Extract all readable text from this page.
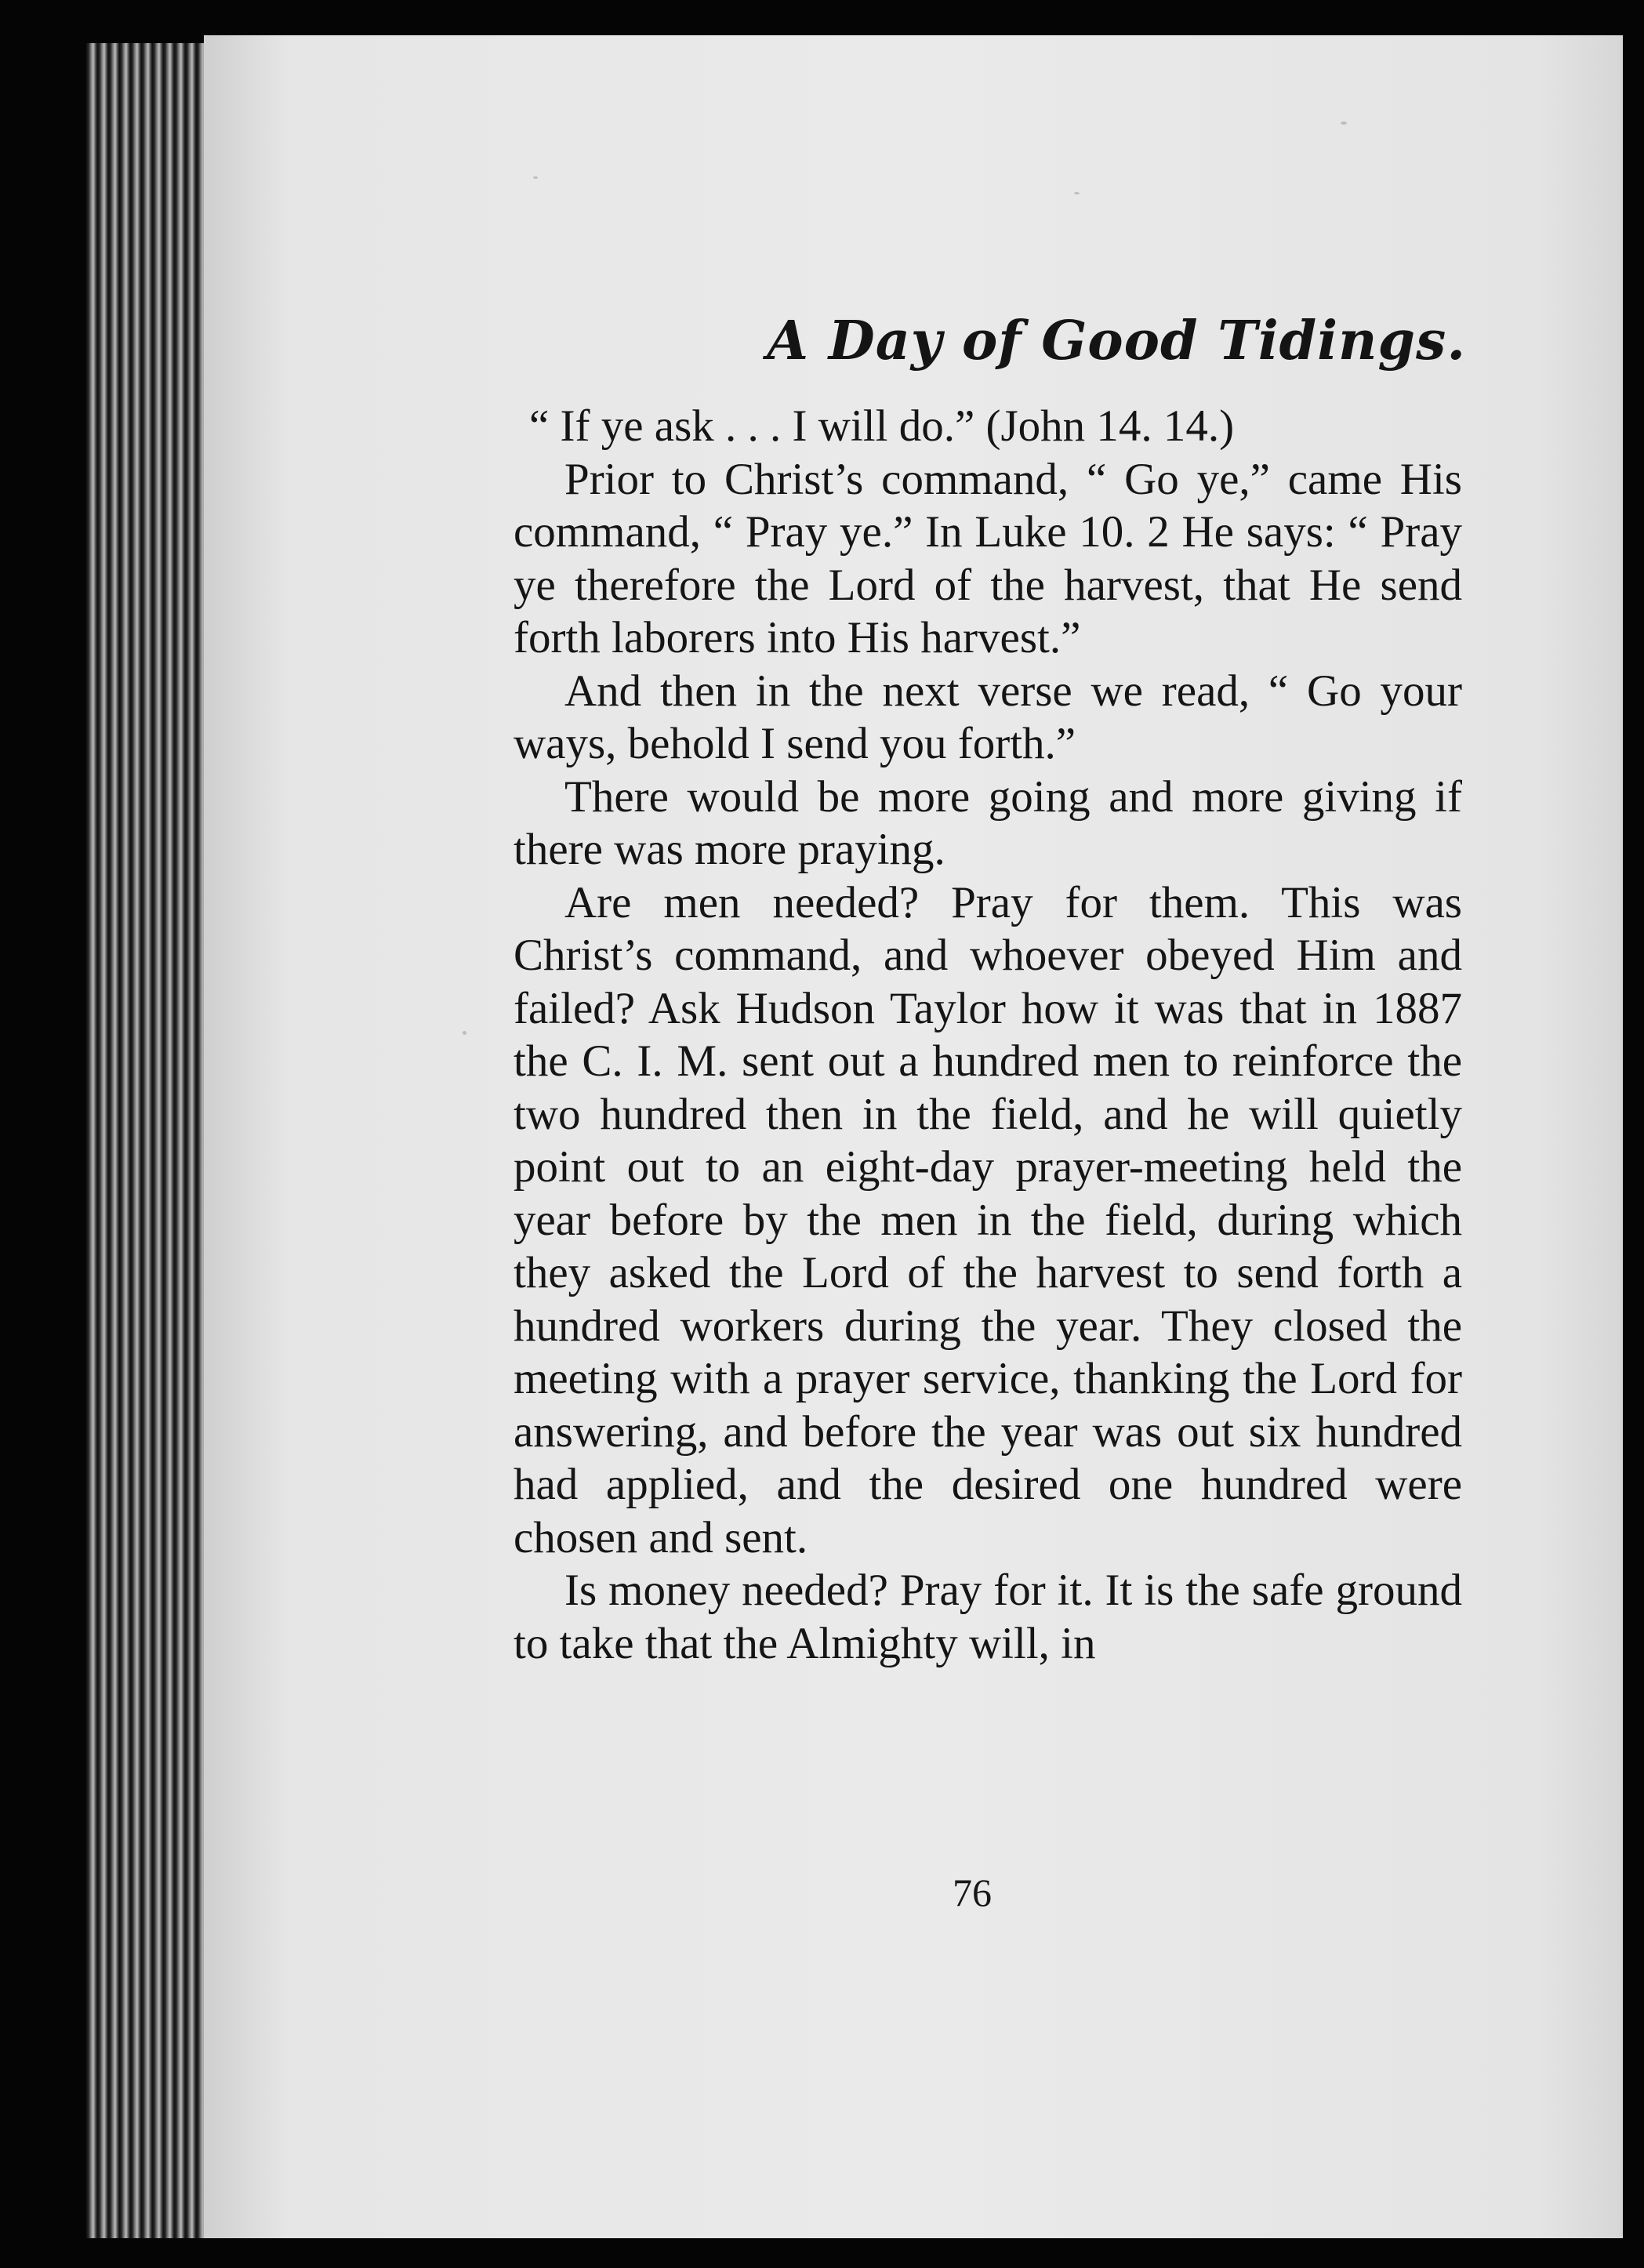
A Day of Good Tidings.

“ If ye ask . . . I will do.” (John 14. 14.)

Prior to Christ’s command, “ Go ye,” came His command, “ Pray ye.” In Luke 10. 2 He says: “ Pray ye therefore the Lord of the harvest, that He send forth laborers into His harvest.”

And then in the next verse we read, “ Go your ways, behold I send you forth.”

There would be more going and more giving if there was more praying.

Are men needed? Pray for them. This was Christ’s command, and whoever obeyed Him and failed? Ask Hudson Taylor how it was that in 1887 the C. I. M. sent out a hundred men to reinforce the two hundred then in the field, and he will quietly point out to an eight-day prayer-meeting held the year before by the men in the field, during which they asked the Lord of the harvest to send forth a hundred workers during the year. They closed the meeting with a prayer service, thanking the Lord for answering, and before the year was out six hundred had applied, and the desired one hundred were chosen and sent.

Is money needed? Pray for it. It is the safe ground to take that the Almighty will, in

76
